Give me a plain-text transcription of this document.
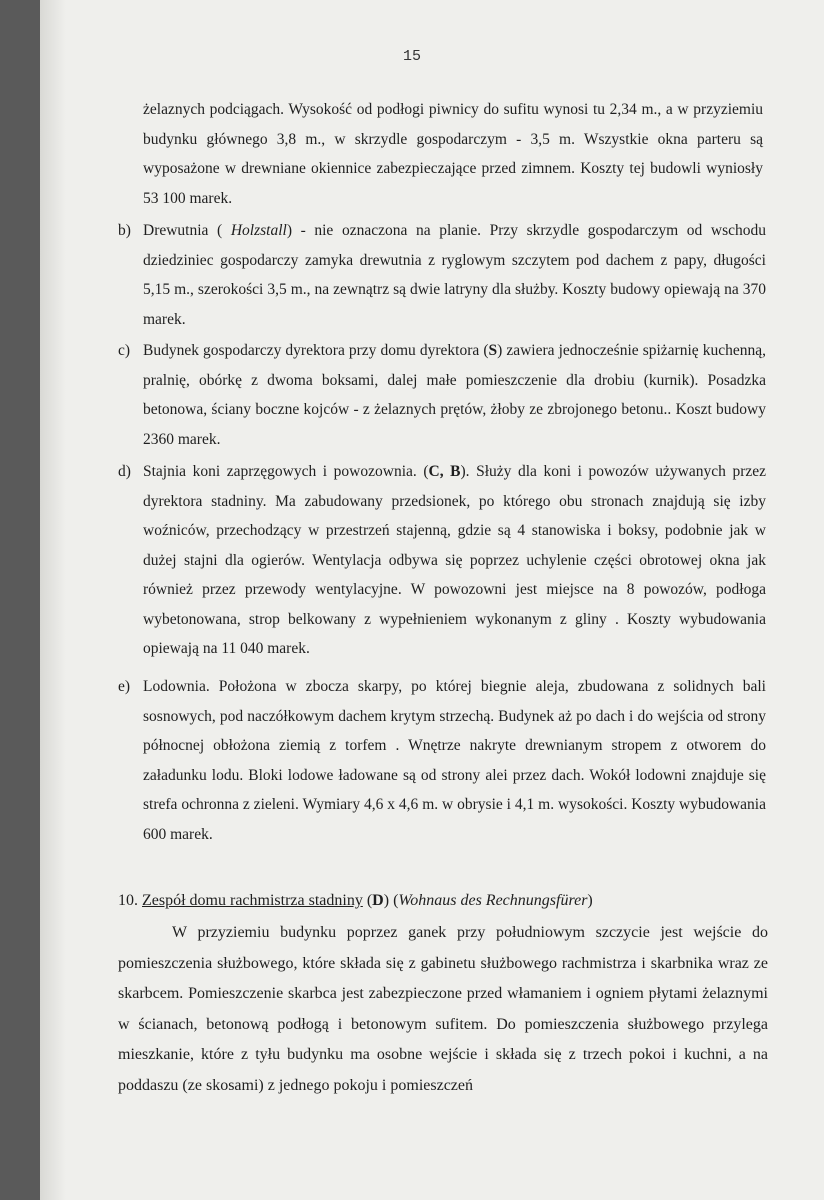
15

żelaznych podciągach. Wysokość od podłogi piwnicy do sufitu wynosi tu 2,34 m., a w przyziemiu budynku głównego 3,8 m., w skrzydle gospodarczym - 3,5 m. Wszystkie okna parteru są wyposażone w drewniane okiennice zabezpieczające przed zimnem. Koszty tej budowli wyniosły 53 100 marek.

b) Drewutnia ( Holzstall) - nie oznaczona na planie. Przy skrzydle gospodarczym od wschodu dziedziniec gospodarczy zamyka drewutnia z ryglowym szczytem pod dachem z papy, długości 5,15 m., szerokości 3,5 m., na zewnątrz są dwie latryny dla służby. Koszty budowy opiewają na 370 marek.
c) Budynek gospodarczy dyrektora przy domu dyrektora (S) zawiera jednocześnie spiżarnię kuchenną, pralnię, obórkę z dwoma boksami, dalej małe pomieszczenie dla drobiu (kurnik). Posadzka betonowa, ściany boczne kojców - z żelaznych prętów, żłoby ze zbrojonego betonu.. Koszt budowy 2360 marek.
d) Stajnia koni zaprzęgowych i powozownia. (C, B). Służy dla koni i powozów używanych przez dyrektora stadniny. Ma zabudowany przedsionek, po którego obu stronach znajdują się izby woźniców, przechodzący w przestrzeń stajenną, gdzie są 4 stanowiska i boksy, podobnie jak w dużej stajni dla ogierów. Wentylacja odbywa się poprzez uchylenie części obrotowej okna jak również przez przewody wentylacyjne. W powozowni jest miejsce na 8 powozów, podłoga wybetonowana, strop belkowany z wypełnieniem wykonanym z gliny . Koszty wybudowania opiewają na 11 040 marek.
e) Lodownia. Położona w zbocza skarpy, po której biegnie aleja, zbudowana z solidnych bali sosnowych, pod naczółkowym dachem krytym strzechą. Budynek aż po dach i do wejścia od strony północnej obłożona ziemią z torfem . Wnętrze nakryte drewnianym stropem z otworem do załadunku lodu. Bloki lodowe ładowane są od strony alei przez dach. Wokół lodowni znajduje się strefa ochronna z zieleni. Wymiary 4,6 x 4,6 m. w obrysie i 4,1 m. wysokości. Koszty wybudowania 600 marek.
10. Zespół domu rachmistrza stadniny (D) (Wohnaus des Rechnungsfürer)
W przyziemiu budynku poprzez ganek przy południowym szczycie jest wejście do pomieszczenia służbowego, które składa się z gabinetu służbowego rachmistrza i skarbnika wraz ze skarbcem. Pomieszczenie skarbca jest zabezpieczone przed włamaniem i ogniem płytami żelaznymi w ścianach, betonową podłogą i betonowym sufitem. Do pomieszczenia służbowego przylega mieszkanie, które z tyłu budynku ma osobne wejście i składa się z trzech pokoi i kuchni, a na poddaszu (ze skosami) z jednego pokoju i pomieszczeń
